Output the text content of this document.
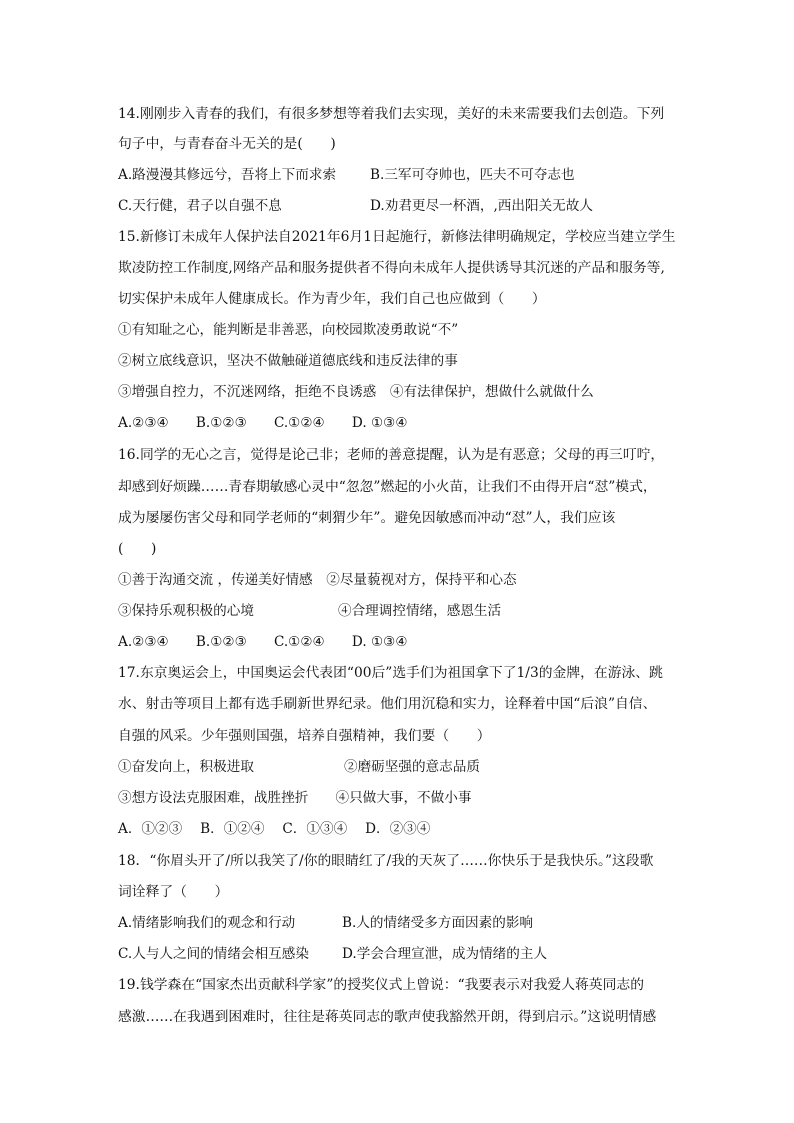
14.刚刚步入青春的我们，有很多梦想等着我们去实现，美好的未来需要我们去创造。下列
句子中，与青春奋斗无关的是(　　)
A.路漫漫其修远兮，吾将上下而求索 B.三军可夺帅也，匹夫不可夺志也
C.天行健，君子以自强不息	D.劝君更尽一杯酒，,西出阳关无故人
15.新修订未成年人保护法自2021年6月1日起施行，新修法律明确规定，学校应当建立学生
欺凌防控工作制度,网络产品和服务提供者不得向未成年人提供诱导其沉迷的产品和服务等,
切实保护未成年人健康成长。作为青少年，我们自己也应做到（　　）
①有知耻之心，能判断是非善恶，向校园欺凌勇敢说“不”
②树立底线意识，坚决不做触碰道德底线和违反法律的事
③增强自控力，不沉迷网络，拒绝不良诱惑　④有法律保护，想做什么就做什么
A.②③④　　B.①②③　　C.①②④　　D. ①③④
16.同学的无心之言，觉得是论己非；老师的善意提醒，认为是有恶意；父母的再三叮咛，
却感到好烦躁……青春期敏感心灵中“忽忽”燃起的小火苗，让我们不由得开启“怼”模式，
成为屡屡伤害父母和同学老师的“刺猬少年”。避免因敏感而冲动“怼”人，我们应该
(　　)
①善于沟通交流 ，传递美好情感　②尽量藐视对方，保持平和心态
③保持乐观积极的心境	④合理调控情绪，感恩生活
A.②③④　　B.①②③　　C.①②④　　D. ①③④
17.东京奥运会上，中国奥运会代表团“00后”选手们为祖国拿下了1/3的金牌，在游泳、跳
水、射击等项目上都有选手刷新世界纪录。他们用沉稳和实力，诠释着中国“后浪”自信、
自强的风采。少年强则国强，培养自强精神，我们要（　　）
①奋发向上，积极进取	②磨砺坚强的意志品质
③想方设法克服困难，战胜挫折　　④只做大事，不做小事
A．①②③　 B．①②④　 C．①③④　 D．②③④
18．“你眉头开了/所以我笑了/你的眼睛红了/我的天灰了……你快乐于是我快乐。”这段歌
词诠释了（　　）
A.情绪影响我们的观念和行动	B.人的情绪受多方面因素的影响
C.人与人之间的情绪会相互感染 D.学会合理宣泄，成为情绪的主人
19.钱学森在“国家杰出贡献科学家”的授奖仪式上曾说：“我要表示对我爱人蒋英同志的
感激……在我遇到困难时，往往是蒋英同志的歌声使我豁然开朗，得到启示。”这说明情感
